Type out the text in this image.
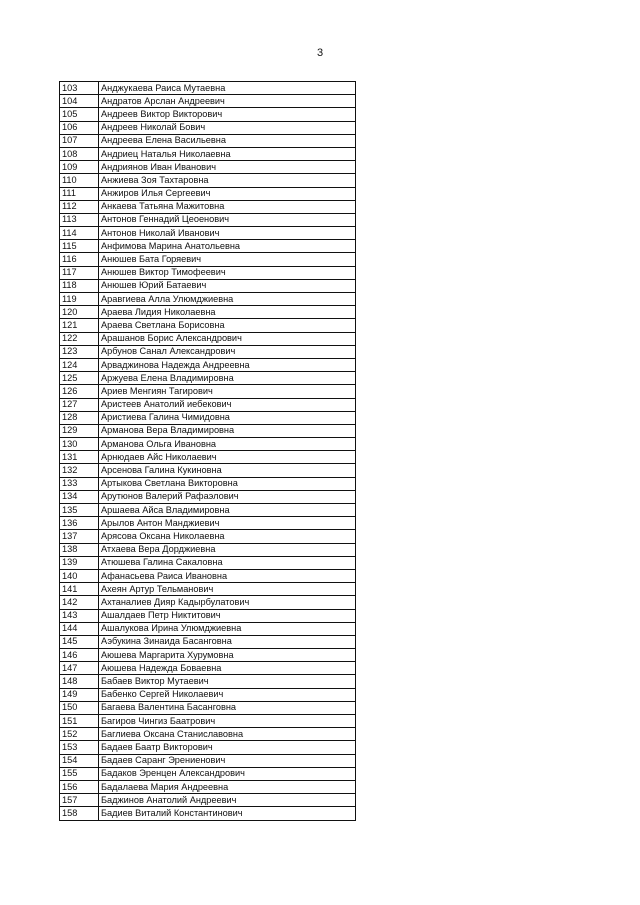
3
103	Анджукаева Раиса Мутаевна
104	Андратов Арслан Андреевич
105	Андреев Виктор Викторович
106	Андреев Николай Бович
107	Андреева Елена Васильевна
108	Андриец Наталья Николаевна
109	Андриянов Иван Иванович
110	Анжиева Зоя Тахтаровна
111	Анжиров Илья Сергеевич
112	Анкаева Татьяна Мажитовна
113	Антонов Геннадий Цеоенович
114	Антонов Николай Иванович
115	Анфимова Марина Анатольевна
116	Анюшев Бата Горяевич
117	Анюшев Виктор Тимофеевич
118	Анюшев Юрий Батаевич
119	Аравгиева Алла Улюмджиевна
120	Араева Лидия Николаевна
121	Араева Светлана Борисовна
122	Арашанов Борис Александрович
123	Арбунов Санал Александрович
124	Арваджинова Надежда Андреевна
125	Аржуева Елена Владимировна
126	Ариев Менгиян Тагирович
127	Аристеев Анатолий иебекович
128	Аристиева Галина Чимидовна
129	Арманова Вера Владимировна
130	Арманова Ольга Ивановна
131	Арнюдаев Айс Николаевич
132	Арсенова Галина Кукиновна
133	Артыкова Светлана Викторовна
134	Арутюнов Валерий Рафаэлович
135	Аршаева Айса Владимировна
136	Арылов Антон Манджиевич
137	Арясова Оксана Николаевна
138	Атхаева Вера Дорджиевна
139	Атюшева Галина Сакаловна
140	Афанасьева Раиса Ивановна
141	Ахеян Артур Тельманович
142	Ахтаналиев Дияр Кадырбулатович
143	Ашалдаев Петр Никтитович
144	Ашалукова Ирина Улюмджиевна
145	Аэбукина Зинаида Басанговна
146	Аюшева Маргарита Хурумовна
147	Аюшева Надежда Боваевна
148	Бабаев Виктор Мутаевич
149	Бабенко Сергей Николаевич
150	Багаева Валентина Басанговна
151	Багиров Чингиз Баатрович
152	Баглиева Оксана Станиславовна
153	Бадаев Баатр Викторович
154	Бадаев Саранг Эрениенович
155	Бадаков Эренцен Александрович
156	Бадалаева Мария Андреевна
157	Баджинов Анатолий Андреевич
158	Бадиев Виталий Константинович
